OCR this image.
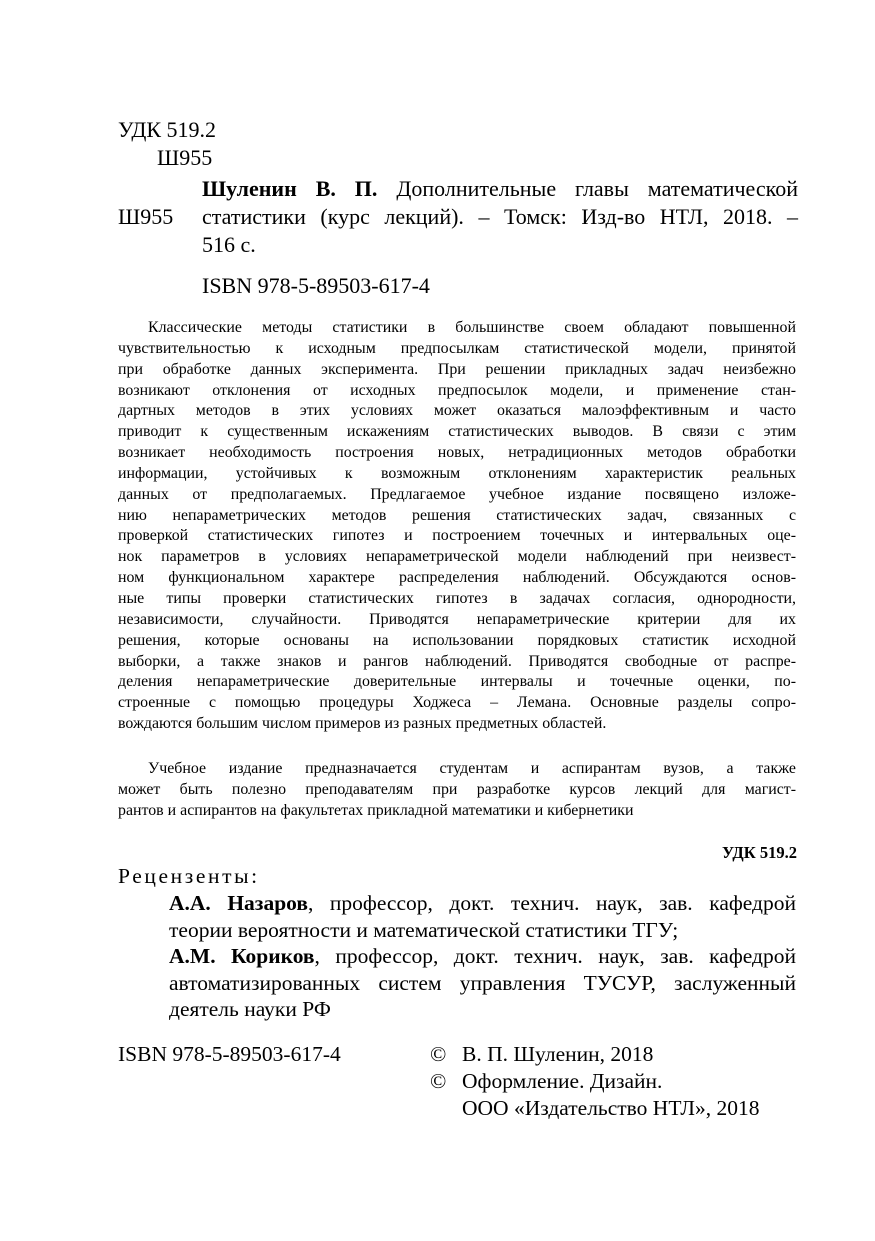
УДК 519.2
Ш955
Ш955
Шуленин В. П. Дополнительные главы математической
статистики (курс лекций). – Томск: Изд-во НТЛ, 2018. –
516 с.
ISBN 978-5-89503-617-4
Классические методы статистики в большинстве своем обладают повышенной
чувствительностью к исходным предпосылкам статистической модели, принятой
при обработке данных эксперимента. При решении прикладных задач неизбежно
возникают отклонения от исходных предпосылок модели, и применение стан-
дартных методов в этих условиях может оказаться малоэффективным и часто
приводит к существенным искажениям статистических выводов. В связи с этим
возникает необходимость построения новых, нетрадиционных методов обработки
информации, устойчивых к возможным отклонениям характеристик реальных
данных от предполагаемых. Предлагаемое учебное издание посвящено изложе-
нию непараметрических методов решения статистических задач, связанных с
проверкой статистических гипотез и построением точечных и интервальных оце-
нок параметров в условиях непараметрической модели наблюдений при неизвест-
ном функциональном характере распределения наблюдений. Обсуждаются основ-
ные типы проверки статистических гипотез в задачах согласия, однородности,
независимости, случайности. Приводятся непараметрические критерии для их
решения, которые основаны на использовании порядковых статистик исходной
выборки, а также знаков и рангов наблюдений. Приводятся свободные от распре-
деления непараметрические доверительные интервалы и точечные оценки, по-
строенные с помощью процедуры Ходжеса – Лемана. Основные разделы сопро-
вождаются большим числом примеров из разных предметных областей.
Учебное издание предназначается студентам и аспирантам вузов, а также
может быть полезно преподавателям при разработке курсов лекций для магист-
рантов и аспирантов на факультетах прикладной математики и кибернетики
УДК 519.2
Рецензенты:
А.А. Назаров, профессор, докт. технич. наук, зав. кафедрой
теории вероятности и математической статистики ТГУ;
А.М. Кориков, профессор, докт. технич. наук, зав. кафедрой
автоматизированных систем управления ТУСУР, заслуженный
деятель науки РФ
ISBN 978-5-89503-617-4	© В. П. Шуленин, 2018
© Оформление. Дизайн.
ООО «Издательство НТЛ», 2018
